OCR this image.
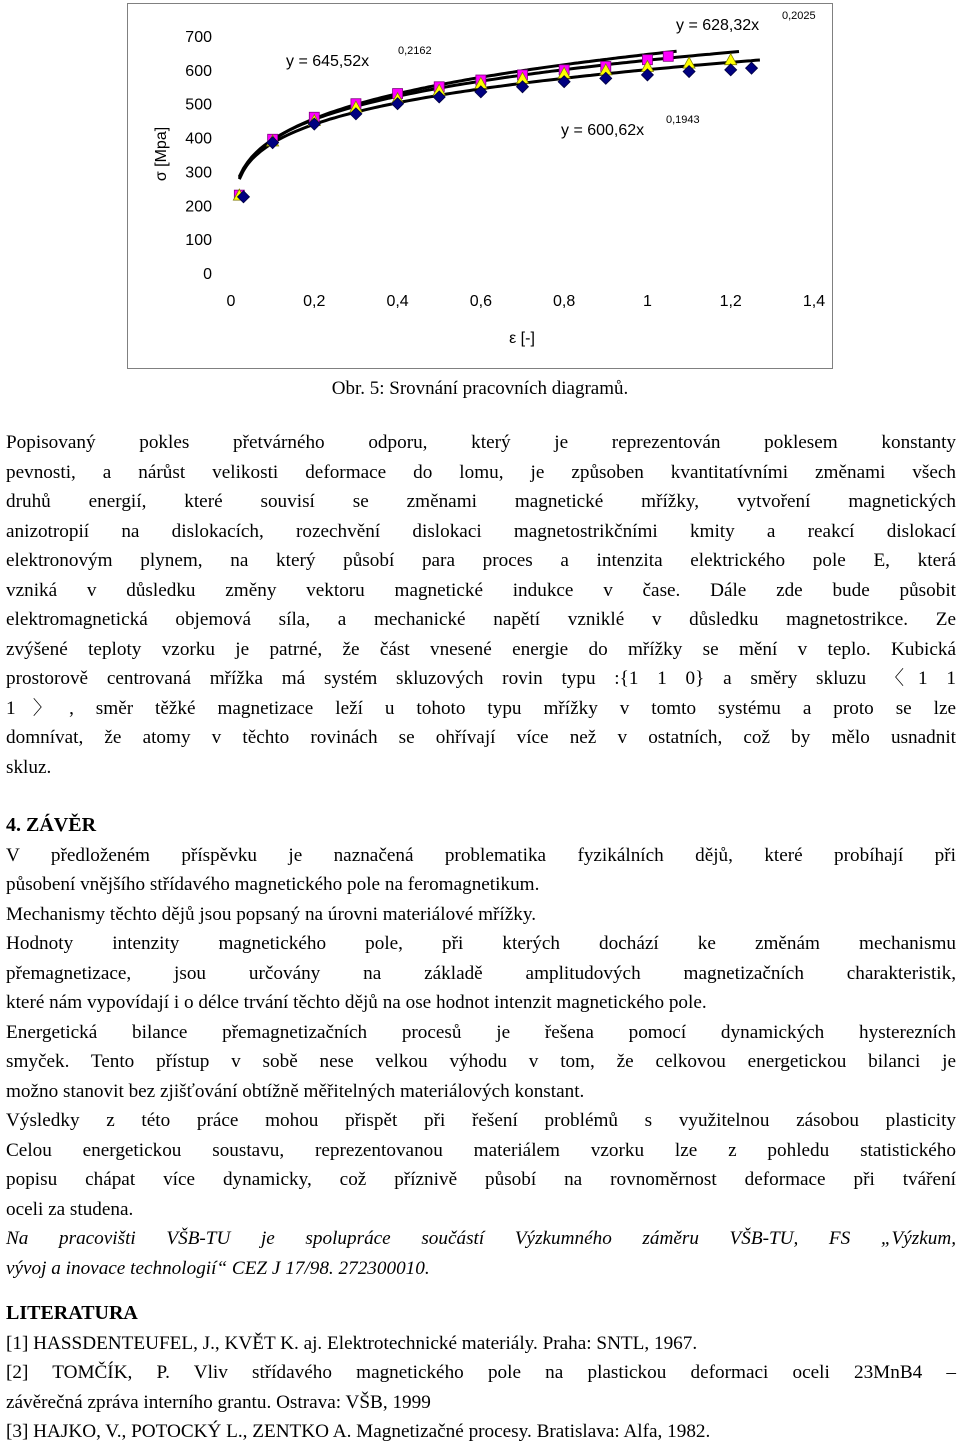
0
100
200
300
400
500
600
700
0	0,2	0,4	0,6	0,8	1	1,2	1,4
ε [-]
σ [Mpa]
y = 645,52x
0,2162
y = 628,32x
0,2025
y = 600,62x
0,1943
Obr. 5: Srovnání pracovních diagramů.

Popisovaný pokles přetvárného odporu, který je reprezentován poklesem konstanty

pevnosti, a nárůst velikosti deformace do lomu, je způsoben kvantitatívními změnami všech

druhů energií, které souvisí se změnami magnetické mřížky, vytvoření magnetických

anizotropií na dislokacích, rozechvění dislokaci magnetostrikčními kmity a reakcí dislokací

elektronovým plynem, na který působí para proces a intenzita elektrického pole E, která

vzniká v důsledku změny vektoru magnetické indukce v čase. Dále zde bude působit

elektromagnetická objemová síla, a mechanické napětí vzniklé v důsledku magnetostrikce. Ze

zvýšené teploty vzorku je patrné, že část vnesené energie do mřížky se mění v teplo. Kubická

prostorově centrovaná mřížka má systém skluzových rovin typu :{1 1 0} a směry skluzu 〈1 1

1〉, směr těžké magnetizace leží u tohoto typu mřížky v tomto systému a proto se lze

domnívat, že atomy v těchto rovinách se ohřívají více než v ostatních, což by mělo usnadnit

skluz.

4. ZÁVĚR

V předloženém příspěvku je naznačená problematika fyzikálních dějů, které probíhají při

působení vnějšího střídavého magnetického pole na feromagnetikum.

Mechanismy těchto dějů jsou popsaný na úrovni materiálové mřížky.

Hodnoty intenzity magnetického pole, při kterých dochází ke změnám mechanismu

přemagnetizace, jsou určovány na základě amplitudových magnetizačních charakteristik,

které nám vypovídají i o délce trvání těchto dějů na ose hodnot intenzit magnetického pole.

Energetická bilance přemagnetizačních procesů je řešena pomocí dynamických hysterezních

smyček. Tento přístup v sobě nese velkou výhodu v tom, že celkovou energetickou bilanci je

možno stanovit bez zjišťování obtížně měřitelných materiálových konstant.

Výsledky z této práce mohou přispět při řešení problémů s využitelnou zásobou plasticity

Celou energetickou soustavu, reprezentovanou materiálem vzorku lze z pohledu statistického

popisu chápat více dynamicky, což příznivě působí na rovnoměrnost deformace při tváření

oceli za studena.

Na pracovišti VŠB-TU je spolupráce součástí Výzkumného záměru VŠB-TU, FS „Výzkum,

vývoj a inovace technologií“ CEZ J 17/98. 272300010.

LITERATURA

[1] HASSDENTEUFEL, J., KVĚT K. aj. Elektrotechnické materiály. Praha: SNTL, 1967.

[2] TOMČÍK, P. Vliv střídavého magnetického pole na plastickou deformaci oceli 23MnB4 –

závěrečná zpráva interního grantu. Ostrava: VŠB, 1999

[3] HAJKO, V., POTOCKÝ L., ZENTKO A. Magnetizačné procesy. Bratislava: Alfa, 1982.
